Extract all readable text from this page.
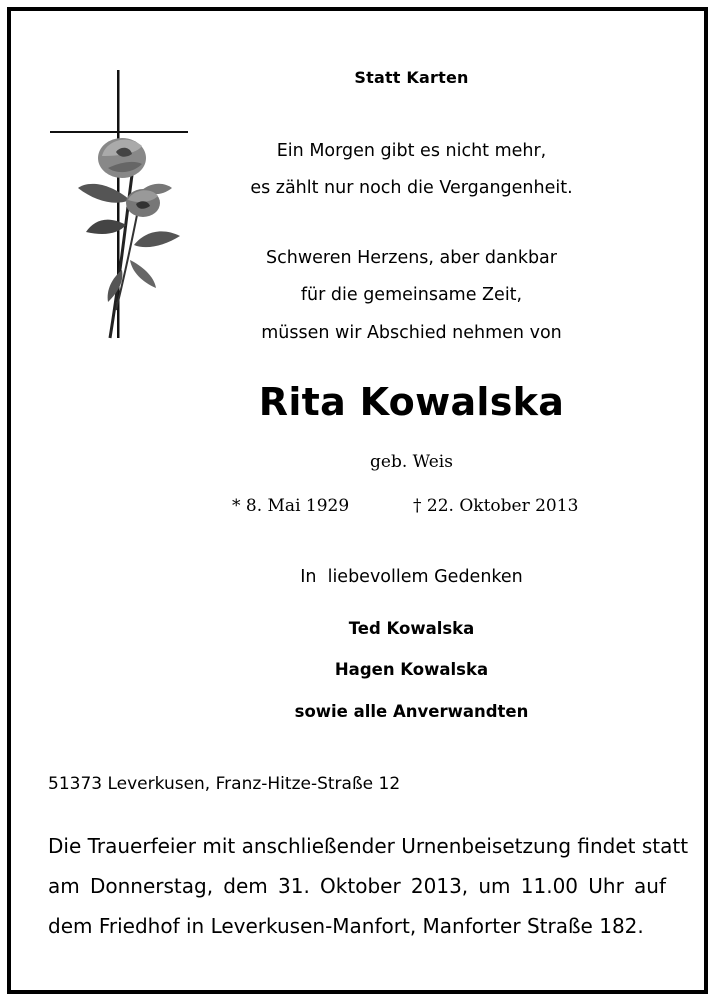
Statt Karten
Ein Morgen gibt es nicht mehr,
es zählt nur noch die Vergangenheit.
Schweren Herzens, aber dankbar
für die gemeinsame Zeit,
müssen wir Abschied nehmen von
Rita Kowalska
geb. Weis
* 8. Mai 1929	† 22. Oktober 2013
In  liebevollem Gedenken
Ted Kowalska
Hagen Kowalska
sowie alle Anverwandten
51373 Leverkusen, Franz-Hitze-Straße 12
Die Trauerfeier mit anschließender Urnenbeisetzung findet statt
am Donnerstag, dem 31. Oktober 2013, um 11.00 Uhr auf
dem Friedhof in Leverkusen-Manfort, Manforter Straße 182.
